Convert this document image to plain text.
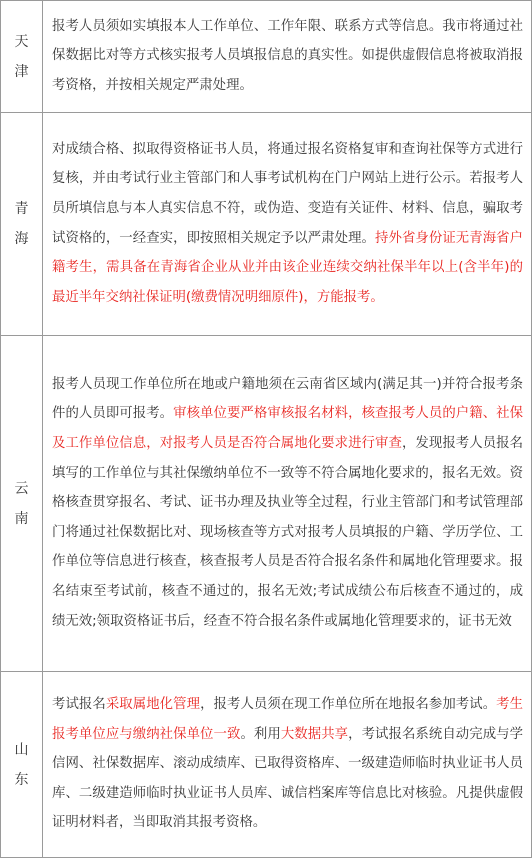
天
津	报考人员须如实填报本人工作单位、工作年限、联系方式等信息。我市将通过社保数据比对等方式核实报考人员填报信息的真实性。如提供虚假信息将被取消报考资格，并按相关规定严肃处理。

青
海	对成绩合格、拟取得资格证书人员，将通过报名资格复审和查询社保等方式进行复核，并由考试行业主管部门和人事考试机构在门户网站上进行公示。若报考人员所填信息与本人真实信息不符，或伪造、变造有关证件、材料、信息，骗取考试资格的，一经查实，即按照相关规定予以严肃处理。持外省身份证无青海省户籍考生，需具备在青海省企业从业并由该企业连续交纳社保半年以上(含半年)的最近半年交纳社保证明(缴费情况明细原件)，方能报考。

云
南	报考人员现工作单位所在地或户籍地须在云南省区域内(满足其一)并符合报考条件的人员即可报考。审核单位要严格审核报名材料，核查报考人员的户籍、社保及工作单位信息，对报考人员是否符合属地化要求进行审查，发现报考人员报名填写的工作单位与其社保缴纳单位不一致等不符合属地化要求的，报名无效。资格核查贯穿报名、考试、证书办理及执业等全过程，行业主管部门和考试管理部门将通过社保数据比对、现场核查等方式对报考人员填报的户籍、学历学位、工作单位等信息进行核查，核查报考人员是否符合报名条件和属地化管理要求。报名结束至考试前，核查不通过的，报名无效;考试成绩公布后核查不通过的，成绩无效;领取资格证书后，经查不符合报名条件或属地化管理要求的，证书无效

山
东	考试报名采取属地化管理，报考人员须在现工作单位所在地报名参加考试。考生报考单位应与缴纳社保单位一致。利用大数据共享，考试报名系统自动完成与学信网、社保数据库、滚动成绩库、已取得资格库、一级建造师临时执业证书人员库、二级建造师临时执业证书人员库、诚信档案库等信息比对核验。凡提供虚假证明材料者，当即取消其报考资格。
